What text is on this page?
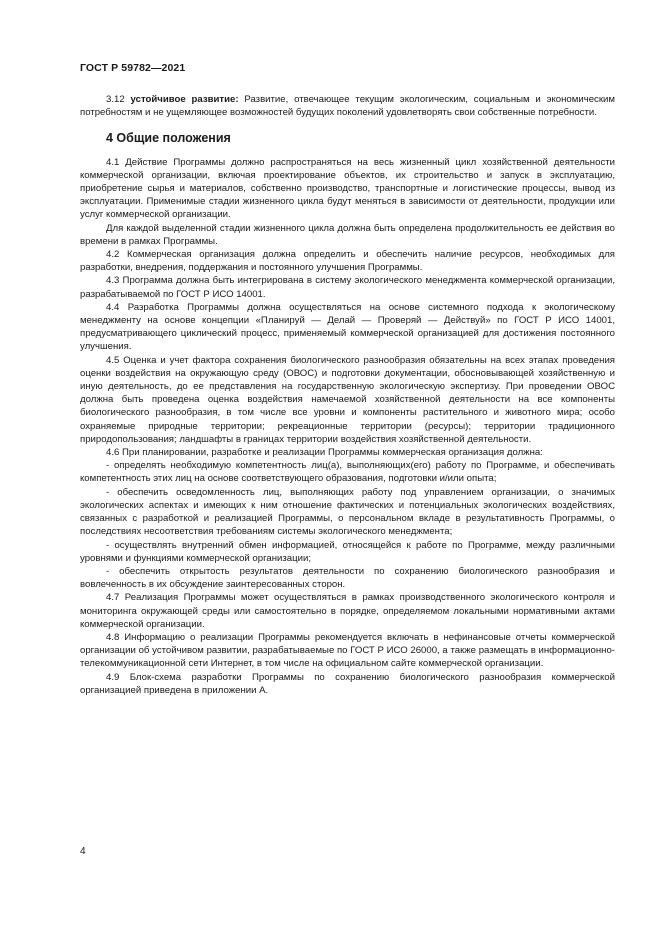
ГОСТ Р 59782—2021

3.12 устойчивое развитие: Развитие, отвечающее текущим экологическим, социальным и экономическим потребностям и не ущемляющее возможностей будущих поколений удовлетворять свои собственные потребности.

4 Общие положения

4.1 Действие Программы должно распространяться на весь жизненный цикл хозяйственной деятельности коммерческой организации, включая проектирование объектов, их строительство и запуск в эксплуатацию, приобретение сырья и материалов, собственно производство, транспортные и логистические процессы, вывод из эксплуатации. Применимые стадии жизненного цикла будут меняться в зависимости от деятельности, продукции или услуг коммерческой организации.

Для каждой выделенной стадии жизненного цикла должна быть определена продолжительность ее действия во времени в рамках Программы.

4.2 Коммерческая организация должна определить и обеспечить наличие ресурсов, необходимых для разработки, внедрения, поддержания и постоянного улучшения Программы.

4.3 Программа должна быть интегрирована в систему экологического менеджмента коммерческой организации, разрабатываемой по ГОСТ Р ИСО 14001.

4.4 Разработка Программы должна осуществляться на основе системного подхода к экологическому менеджменту на основе концепции «Планируй — Делай — Проверяй — Действуй» по ГОСТ Р ИСО 14001, предусматривающего циклический процесс, применяемый коммерческой организацией для достижения постоянного улучшения.

4.5 Оценка и учет фактора сохранения биологического разнообразия обязательны на всех этапах проведения оценки воздействия на окружающую среду (ОВОС) и подготовки документации, обосновывающей хозяйственную и иную деятельность, до ее представления на государственную экологическую экспертизу. При проведении ОВОС должна быть проведена оценка воздействия намечаемой хозяйственной деятельности на все компоненты биологического разнообразия, в том числе все уровни и компоненты растительного и животного мира; особо охраняемые природные территории; рекреационные территории (ресурсы); территории традиционного природопользования; ландшафты в границах территории воздействия хозяйственной деятельности.

4.6 При планировании, разработке и реализации Программы коммерческая организация должна:

- определять необходимую компетентность лиц(а), выполняющих(его) работу по Программе, и обеспечивать компетентность этих лиц на основе соответствующего образования, подготовки и/или опыта;

- обеспечить осведомленность лиц, выполняющих работу под управлением организации, о значимых экологических аспектах и имеющих к ним отношение фактических и потенциальных экологических воздействиях, связанных с разработкой и реализацией Программы, о персональном вкладе в результативность Программы, о последствиях несоответствия требованиям системы экологического менеджмента;

- осуществлять внутренний обмен информацией, относящейся к работе по Программе, между различными уровнями и функциями коммерческой организации;

- обеспечить открытость результатов деятельности по сохранению биологического разнообразия и вовлеченность в их обсуждение заинтересованных сторон.

4.7 Реализация Программы может осуществляться в рамках производственного экологического контроля и мониторинга окружающей среды или самостоятельно в порядке, определяемом локальными нормативными актами коммерческой организации.

4.8 Информацию о реализации Программы рекомендуется включать в нефинансовые отчеты коммерческой организации об устойчивом развитии, разрабатываемые по ГОСТ Р ИСО 26000, а также размещать в информационно-телекоммуникационной сети Интернет, в том числе на официальном сайте коммерческой организации.

4.9 Блок-схема разработки Программы по сохранению биологического разнообразия коммерческой организацией приведена в приложении А.

4
